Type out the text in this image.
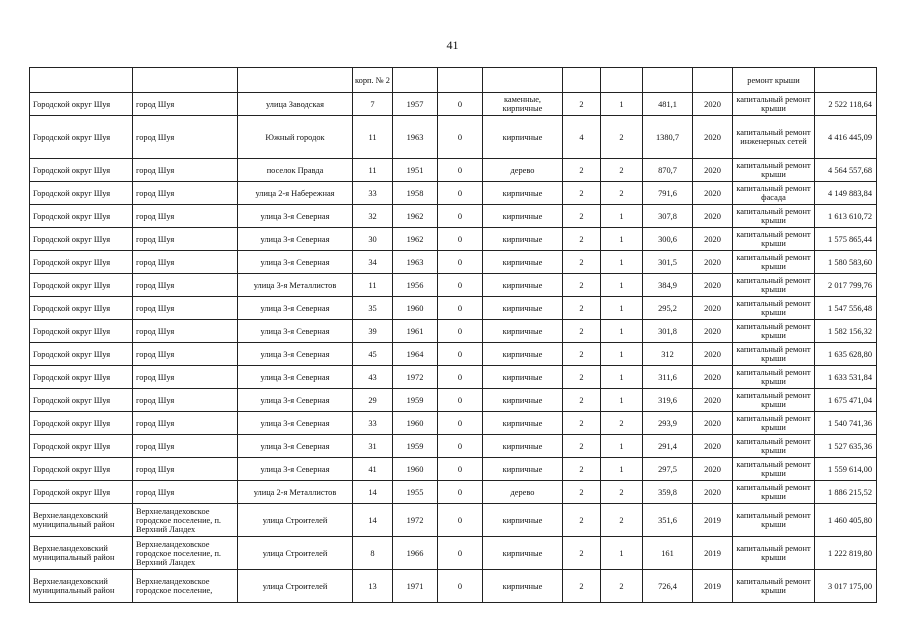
41
			корп. № 2								ремонт крыши	
Городской округ Шуя	город Шуя	улица Заводская	7	1957	0	каменные, кирпичные	2	1	481,1	2020	капитальный ремонт крыши	2 522 118,64
Городской округ Шуя	город Шуя	Южный городок	11	1963	0	кирпичные	4	2	1380,7	2020	капитальный ремонт инженерных сетей	4 416 445,09
Городской округ Шуя	город Шуя	поселок Правда	11	1951	0	дерево	2	2	870,7	2020	капитальный ремонт крыши	4 564 557,68
Городской округ Шуя	город Шуя	улица 2-я Набережная	33	1958	0	кирпичные	2	2	791,6	2020	капитальный ремонт фасада	4 149 883,84
Городской округ Шуя	город Шуя	улица 3-я Северная	32	1962	0	кирпичные	2	1	307,8	2020	капитальный ремонт крыши	1 613 610,72
Городской округ Шуя	город Шуя	улица 3-я Северная	30	1962	0	кирпичные	2	1	300,6	2020	капитальный ремонт крыши	1 575 865,44
Городской округ Шуя	город Шуя	улица 3-я Северная	34	1963	0	кирпичные	2	1	301,5	2020	капитальный ремонт крыши	1 580 583,60
Городской округ Шуя	город Шуя	улица 3-я Металлистов	11	1956	0	кирпичные	2	1	384,9	2020	капитальный ремонт крыши	2 017 799,76
Городской округ Шуя	город Шуя	улица 3-я Северная	35	1960	0	кирпичные	2	1	295,2	2020	капитальный ремонт крыши	1 547 556,48
Городской округ Шуя	город Шуя	улица 3-я Северная	39	1961	0	кирпичные	2	1	301,8	2020	капитальный ремонт крыши	1 582 156,32
Городской округ Шуя	город Шуя	улица 3-я Северная	45	1964	0	кирпичные	2	1	312	2020	капитальный ремонт крыши	1 635 628,80
Городской округ Шуя	город Шуя	улица 3-я Северная	43	1972	0	кирпичные	2	1	311,6	2020	капитальный ремонт крыши	1 633 531,84
Городской округ Шуя	город Шуя	улица 3-я Северная	29	1959	0	кирпичные	2	1	319,6	2020	капитальный ремонт крыши	1 675 471,04
Городской округ Шуя	город Шуя	улица 3-я Северная	33	1960	0	кирпичные	2	2	293,9	2020	капитальный ремонт крыши	1 540 741,36
Городской округ Шуя	город Шуя	улица 3-я Северная	31	1959	0	кирпичные	2	1	291,4	2020	капитальный ремонт крыши	1 527 635,36
Городской округ Шуя	город Шуя	улица 3-я Северная	41	1960	0	кирпичные	2	1	297,5	2020	капитальный ремонт крыши	1 559 614,00
Городской округ Шуя	город Шуя	улица 2-я Металлистов	14	1955	0	дерево	2	2	359,8	2020	капитальный ремонт крыши	1 886 215,52
Верхнеландеховский муниципальный район	Верхнеландеховское городское поселение, п. Верхний Ландех	улица Строителей	14	1972	0	кирпичные	2	2	351,6	2019	капитальный ремонт крыши	1 460 405,80
Верхнеландеховский муниципальный район	Верхнеландеховское городское поселение, п. Верхний Ландех	улица Строителей	8	1966	0	кирпичные	2	1	161	2019	капитальный ремонт крыши	1 222 819,80
Верхнеландеховский муниципальный район	Верхнеландеховское городское поселение,	улица Строителей	13	1971	0	кирпичные	2	2	726,4	2019	капитальный ремонт крыши	3 017 175,00
